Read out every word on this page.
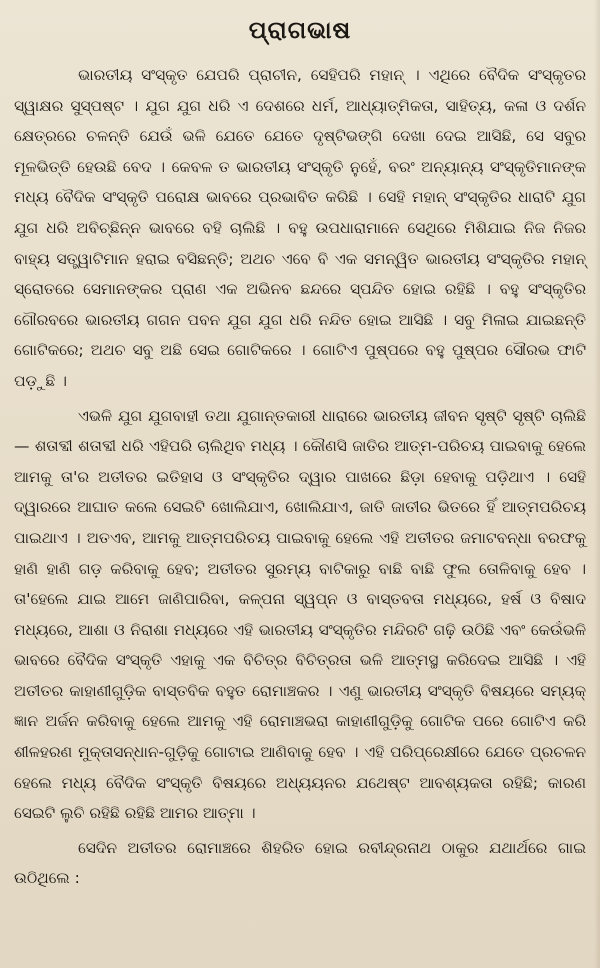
ପ୍ରାଗଭାଷ

ଭାରତୀୟ ସଂସ୍କୃତ ଯେପରି ପ୍ରାଚୀନ, ସେହିପରି ମହାନ୍ । ଏଥିରେ ବୈଦିକ ସଂସ୍କୃତର ସ୍ୱାକ୍ଷର ସୁସ୍ପଷ୍ଟ । ଯୁଗ ଯୁଗ ଧରି ଏ ଦେଶରେ ଧର୍ମ, ଆଧ୍ୟାତ୍ମିକତା, ସାହିତ୍ୟ, କଳା ଓ ଦର୍ଶନ କ୍ଷେତ୍ରରେ ଚଳନ୍ତି ଯେଉଁ ଭଳି ଯେତେ ଯେତେ ଦୃଷ୍ଟିଭଙ୍ଗି ଦେଖା ଦେଇ ଆସିଛି, ସେ ସବୁର ମୂଳଭିତ୍ତି ହେଉଛି ବେଦ । କେବଳ ତ ଭାରତୀୟ ସଂସ୍କୃତି ନୁହେଁ, ବରଂ ଅନ୍ୟାନ୍ୟ ସଂସ୍କୃତିମାନଙ୍କ ମଧ୍ୟ ବୈଦିକ ସଂସ୍କୃତି ପରୋକ୍ଷ ଭାବରେ ପ୍ରଭାବିତ କରିଛି । ସେହି ମହାନ୍ ସଂସ୍କୃତିର ଧାରାଟି ଯୁଗ ଯୁଗ ଧରି ଅବିଚ୍ଛିନ୍ନ ଭାବରେ ବହି ଚାଲିଛି । ବହୁ ଉପଧାରାମାନେ ସେଥିରେ ମିଶିଯାଇ ନିଜ ନିଜର ବାହ୍ୟ ସତ୍ତ୍ୱାଟିମାନ ହରାଇ ବସିଛନ୍ତି; ଅଥଚ ଏବେ ବି ଏକ ସମନ୍ୱିତ ଭାରତୀୟ ସଂସ୍କୃତିର ମହାନ୍ ସ୍ରୋତରେ ସେମାନଙ୍କର ପ୍ରାଣ ଏକ ଅଭିନବ ଛନ୍ଦରେ ସ୍ପନ୍ଦିତ ହୋଇ ରହିଛି । ବହୁ ସଂସ୍କୃତିର ଗୌରବରେ ଭାରତୀୟ ଗଗନ ପବନ ଯୁଗ ଯୁଗ ଧରି ନନ୍ଦିତ ହୋଇ ଆସିଛି । ସବୁ ମିଳାଇ ଯାଇଛନ୍ତି ଗୋଟିକରେ; ଅଥଚ ସବୁ ଅଛି ସେଇ ଗୋଟିକରେ । ଗୋଟିଏ ପୁଷ୍ପରେ ବହୁ ପୁଷ୍ପର ସୌରଭ ଫାଟି ପଡ଼ୁଛି ।

ଏଭଳି ଯୁଗ ଯୁଗବାହୀ ତଥା ଯୁଗାନ୍ତକାରୀ ଧାରାରେ ଭାରତୀୟ ଜୀବନ ସୃଷ୍ଟି ସୃଷ୍ଟି ଚାଲିଛି — ଶତାବ୍ଦୀ ଶତାବ୍ଦୀ ଧରି ଏହିପରି ଚାଲିଥିବ ମଧ୍ୟ । କୌଣସି ଜାତିର ଆତ୍ମ-ପରିଚୟ ପାଇବାକୁ ହେଲେ ଆମକୁ ତା'ର ଅତୀତର ଇତିହାସ ଓ ସଂସ୍କୃତିର ଦ୍ୱାର ପାଖରେ ଛିଡ଼ା ହେବାକୁ ପଡ଼ିଥାଏ । ସେହି ଦ୍ୱାରରେ ଆଘାତ କଲେ ସେଇଟି ଖୋଲିଯାଏ, ଖୋଲିଯାଏ, ଜାତି ଜାତୀର ଭିତରେ ହିଁ ଆତ୍ମପରିଚୟ ପାଇଥାଏ । ଅତଏବ, ଆମକୁ ଆତ୍ମପରିଚୟ ପାଇବାକୁ ହେଲେ ଏହି ଅତୀତର ଜମାଟବନ୍ଧା ବରଫକୁ ହାଣି ହାଣି ଗଡ଼ କରିବାକୁ ହେବ; ଅତୀତର ସୁରମ୍ୟ ବାଟିକାରୁ ବାଛି ବାଛି ଫୁଲ ତୋଳିବାକୁ ହେବ । ତା'ହେଲେ ଯାଇ ଆମେ ଜାଣିପାରିବା, କଳ୍ପନା ସ୍ୱପ୍ନ ଓ ବାସ୍ତବତା ମଧ୍ୟରେ, ହର୍ଷ ଓ ବିଷାଦ ମଧ୍ୟରେ, ଆଶା ଓ ନିରାଶା ମଧ୍ୟରେ ଏହି ଭାରତୀୟ ସଂସ୍କୃତିର ମନ୍ଦିରଟି ଗଢ଼ି ଉଠିଛି ଏବଂ କେଉଁଭଳି ଭାବରେ ବୈଦିକ ସଂସ୍କୃତି ଏହାକୁ ଏକ ବିଚିତ୍ର ବିଚିତ୍ରତା ଭଳି ଆତ୍ମସ୍ଥ କରିଦେଇ ଆସିଛି । ଏହି ଅତୀତର କାହାଣୀଗୁଡ଼ିକ ବାସ୍ତବିକ ବହୁତ ରୋମାଞ୍ଚକର । ଏଣୁ ଭାରତୀୟ ସଂସ୍କୃତି ବିଷୟରେ ସମ୍ୟକ୍ ଜ୍ଞାନ ଅର୍ଜନ କରିବାକୁ ହେଲେ ଆମକୁ ଏହି ରୋମାଞ୍ଚଭରା କାହାଣୀଗୁଡ଼ିକୁ ଗୋଟିକ ପରେ ଗୋଟିଏ କରି ଶୀଳହରଣ ମୁକ୍ତାସନ୍ଧାନ-ଗୁଡ଼ିକୁ ଗୋଟାଇ ଆଣିବାକୁ ହେବ । ଏହି ପରିପ୍ରେକ୍ଷୀରେ ଯେତେ ପ୍ରଚଳନ ହେଲେ ମଧ୍ୟ ବୈଦିକ ସଂସ୍କୃତି ବିଷୟରେ ଅଧ୍ୟୟନର ଯଥେଷ୍ଟ ଆବଶ୍ୟକତା ରହିଛି; କାରଣ ସେଇଟି ଲୁଚି ରହିଛି ରହିଛି ଆମର ଆତ୍ମା ।

ସେଦିନ ଅତୀତର ରୋମାଞ୍ଚରେ ଶିହରିତ ହୋଇ ରବୀନ୍ଦ୍ରନାଥ ଠାକୁର ଯଥାର୍ଥରେ ଗାଇ ଉଠିଥିଲେ :
